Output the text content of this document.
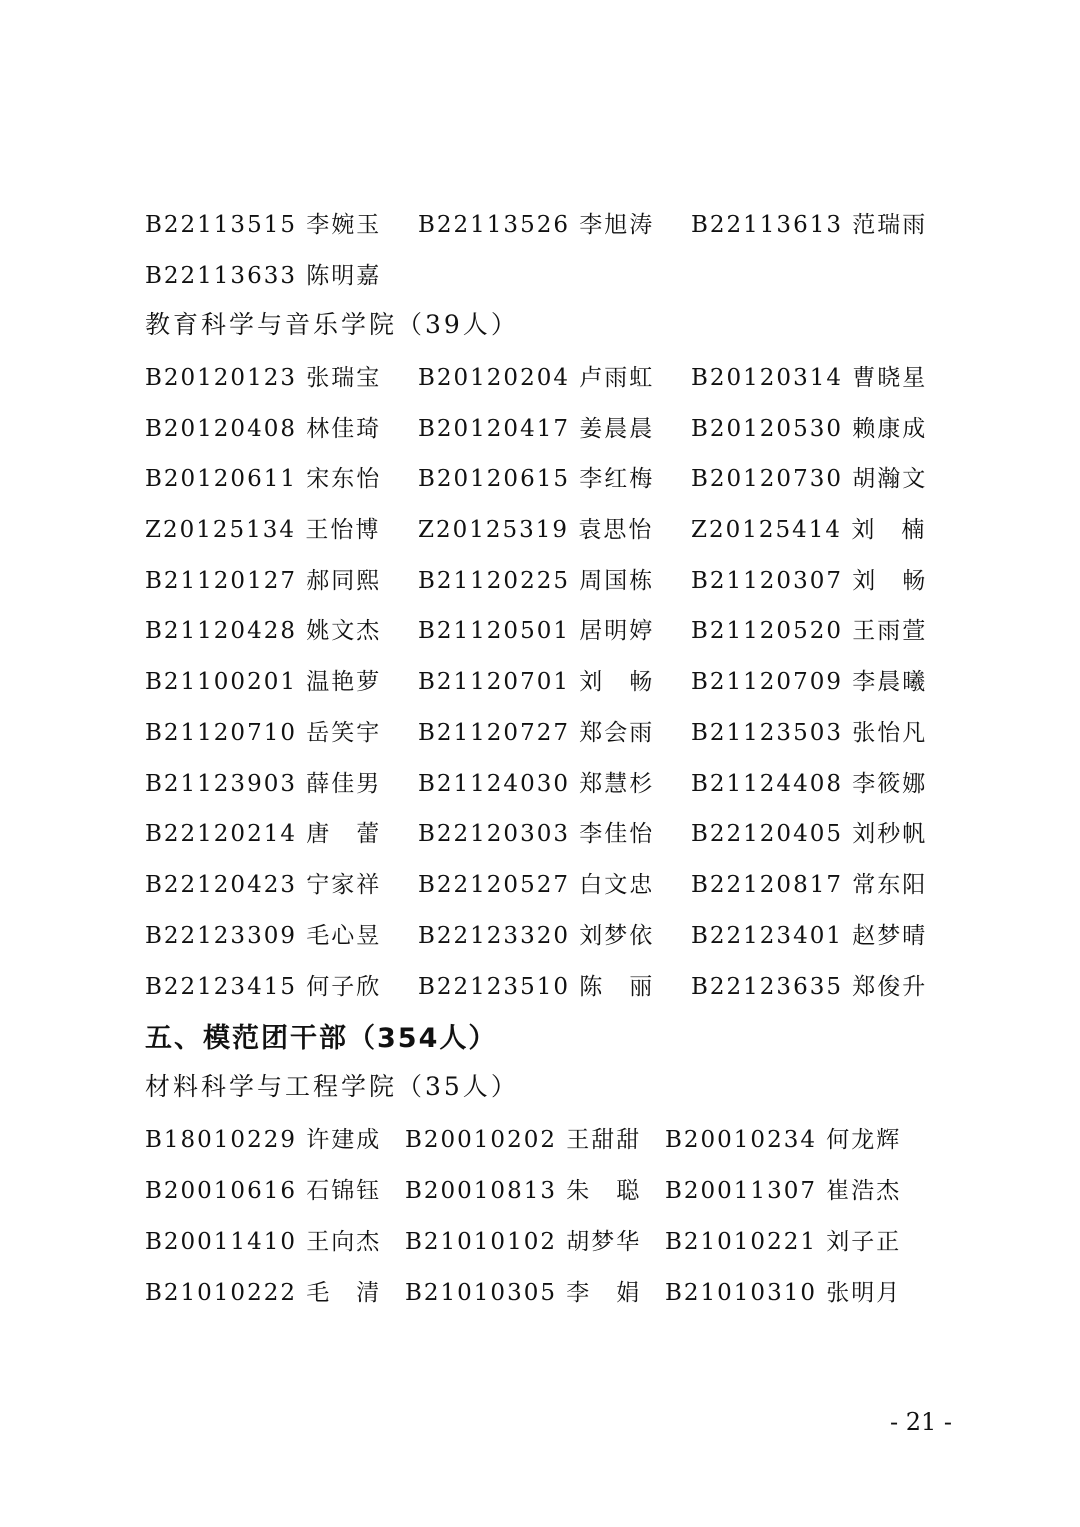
B22113515 李婉玉 B22113526 李旭涛 B22113613 范瑞雨
B22113633 陈明嘉
教育科学与音乐学院（39人）
B20120123 张瑞宝 B20120204 卢雨虹 B20120314 曹晓星
B20120408 林佳琦 B20120417 姜晨晨 B20120530 赖康成
B20120611 宋东怡 B20120615 李红梅 B20120730 胡瀚文
Z20125134 王怡博 Z20125319 袁思怡 Z20125414 刘　楠
B21120127 郝同熙 B21120225 周国栋 B21120307 刘　畅
B21120428 姚文杰 B21120501 居明婷 B21120520 王雨萱
B21100201 温艳萝 B21120701 刘　畅 B21120709 李晨曦
B21120710 岳笑宇 B21120727 郑会雨 B21123503 张怡凡
B21123903 薛佳男 B21124030 郑慧杉 B21124408 李筱娜
B22120214 唐　蕾 B22120303 李佳怡 B22120405 刘秒帆
B22120423 宁家祥 B22120527 白文忠 B22120817 常东阳
B22123309 毛心昱 B22123320 刘梦依 B22123401 赵梦晴
B22123415 何子欣 B22123510 陈　丽 B22123635 郑俊升
五、模范团干部（354人）
材料科学与工程学院（35人）
B18010229 许建成 B20010202 王甜甜 B20010234 何龙辉
B20010616 石锦钰 B20010813 朱　聪 B20011307 崔浩杰
B20011410 王向杰 B21010102 胡梦华 B21010221 刘子正
B21010222 毛　清 B21010305 李　娟 B21010310 张明月
- 21 -
